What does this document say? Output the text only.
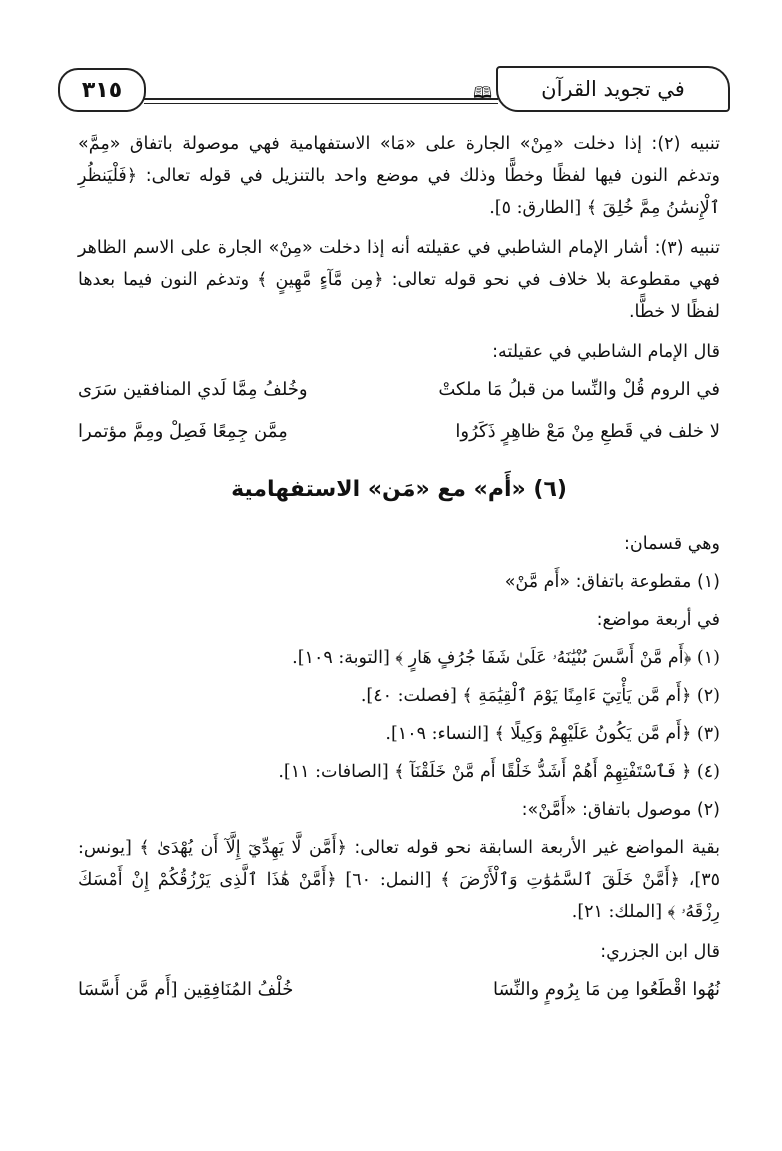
٣١٥	🕮	في تجويد القرآن

تنبيه (٢): إذا دخلت «مِنْ» الجارة على «مَا» الاستفهامية فهي موصولة باتفاق «مِمَّ» وتدغم النون فيها لفظًا وخطًّا وذلك في موضع واحد بالتنزيل في قوله تعالى: ﴿فَلْيَنظُرِ ٱلْإِنسَٰنُ مِمَّ خُلِقَ ﴾ [الطارق: ٥].

تنبيه (٣): أشار الإمام الشاطبي في عقيلته أنه إذا دخلت «مِنْ» الجارة على الاسم الظاهر فهي مقطوعة بلا خلاف في نحو قوله تعالى: ﴿مِن مَّآءٍ مَّهِينٍ ﴾ وتدغم النون فيما بعدها لفظًا لا خطًّا.

قال الإمام الشاطبي في عقيلته:
في الروم قُلْ والنِّسا من قبلُ مَا ملكتْ
وخُلفُ مِمَّا لَدي المنافقين سَرَى
لا خلف في قَطعِ مِنْ مَعْ ظاهِرٍ ذَكَرُوا
مِمَّن جِمِعًا فَصِلْ ومِمَّ مؤتمرا
(٦) «أَم» مع «مَن» الاستفهامية
وهي قسمان:
(١) مقطوعة باتفاق: «أَم مَّنْ»
في أربعة مواضع:
(١) ﴿أَم مَّنْ أَسَّسَ بُنْيَٰنَهُۥ عَلَىٰ شَفَا جُرُفٍ هَارٍ ﴾ [التوبة: ١٠٩].
(٢) ﴿أَم مَّن يَأْتِيٓ ءَامِنًا يَوْمَ ٱلْقِيَٰمَةِ ﴾ [فصلت: ٤٠].
(٣) ﴿أَم مَّن يَكُونُ عَلَيْهِمْ وَكِيلًا ﴾ [النساء: ١٠٩].
(٤) ﴿ فَٱسْتَفْتِهِمْ أَهُمْ أَشَدُّ خَلْقًا أَم مَّنْ خَلَقْنَآ ﴾ [الصافات: ١١].
(٢) موصول باتفاق: «أَمَّنْ»:

بقية المواضع غير الأربعة السابقة نحو قوله تعالى: ﴿أَمَّن لَّا يَهِدِّيٓ إِلَّآ أَن يُهْدَىٰ ﴾ [يونس: ٣٥]، ﴿أَمَّنْ خَلَقَ ٱلسَّمَٰوَٰتِ وَٱلْأَرْضَ ﴾ [النمل: ٦٠] ﴿أَمَّنْ هَٰذَا ٱلَّذِى يَرْزُقُكُمْ إِنْ أَمْسَكَ رِزْقَهُۥ ﴾ [الملك: ٢١].

قال ابن الجزري:
نُهُوا اقْطَعُوا مِن مَا بِرُومٍ والنِّسَا
خُلْفُ المُنَافِقِين [أَم مَّن أَسَّسَا
